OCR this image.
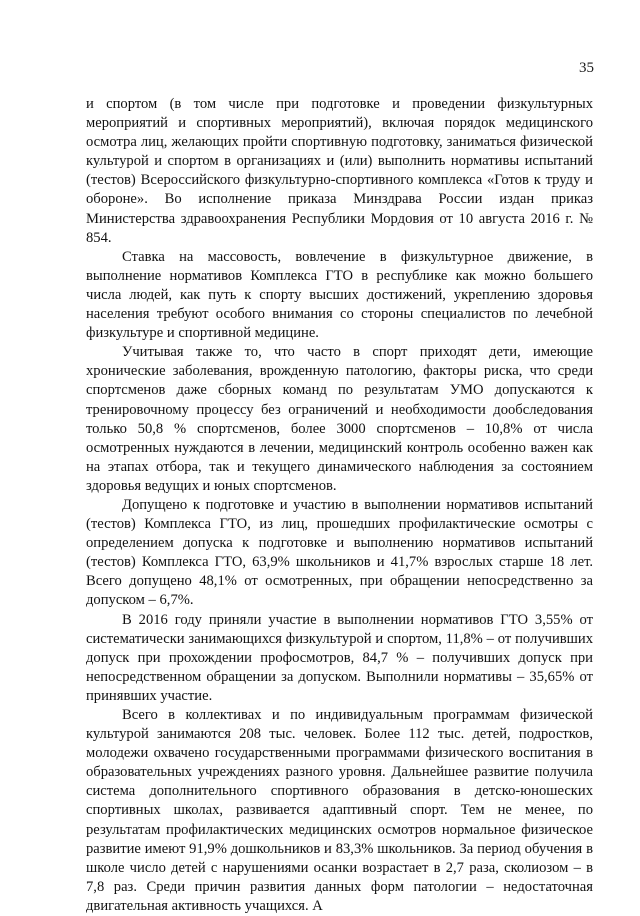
35

и спортом (в том числе при подготовке и проведении физкультурных мероприятий и спортивных мероприятий), включая порядок медицинского осмотра лиц, желающих пройти спортивную подготовку, заниматься физической культурой и спортом в организациях и (или) выполнить нормативы испытаний (тестов) Всероссийского физкультурно-спортивного комплекса «Готов к труду и обороне». Во исполнение приказа Минздрава России издан приказ Министерства здравоохранения Республики Мордовия от 10 августа 2016 г. № 854.

Ставка на массовость, вовлечение в физкультурное движение, в выполнение нормативов Комплекса ГТО в республике как можно большего числа людей, как путь к спорту высших достижений, укреплению здоровья населения требуют особого внимания со стороны специалистов по лечебной физкультуре и спортивной медицине.

Учитывая также то, что часто в спорт приходят дети, имеющие хронические заболевания, врожденную патологию, факторы риска, что среди спортсменов даже сборных команд по результатам УМО допускаются к тренировочному процессу без ограничений и необходимости дообследования только 50,8 % спортсменов, более 3000 спортсменов – 10,8% от числа осмотренных нуждаются в лечении, медицинский контроль особенно важен как на этапах отбора, так и текущего динамического наблюдения за состоянием здоровья ведущих и юных спортсменов.

Допущено к подготовке и участию в выполнении нормативов испытаний (тестов) Комплекса ГТО, из лиц, прошедших профилактические осмотры с определением допуска к подготовке и выполнению нормативов испытаний (тестов) Комплекса ГТО, 63,9% школьников и 41,7% взрослых старше 18 лет. Всего допущено 48,1% от осмотренных, при обращении непосредственно за допуском – 6,7%.

В 2016 году приняли участие в выполнении нормативов ГТО 3,55% от систематически занимающихся физкультурой и спортом, 11,8% – от получивших допуск при прохождении профосмотров, 84,7 % – получивших допуск при непосредственном обращении за допуском. Выполнили нормативы – 35,65% от принявших участие.

Всего в коллективах и по индивидуальным программам физической культурой занимаются 208 тыс. человек. Более 112 тыс. детей, подростков, молодежи охвачено государственными программами физического воспитания в образовательных учреждениях разного уровня. Дальнейшее развитие получила система дополнительного спортивного образования в детско-юношеских спортивных школах, развивается адаптивный спорт. Тем не менее, по результатам профилактических медицинских осмотров нормальное физическое развитие имеют 91,9% дошкольников и 83,3% школьников. За период обучения в школе число детей с нарушениями осанки возрастает в 2,7 раза, сколиозом – в 7,8 раз. Среди причин развития данных форм патологии – недостаточная двигательная активность учащихся. А
